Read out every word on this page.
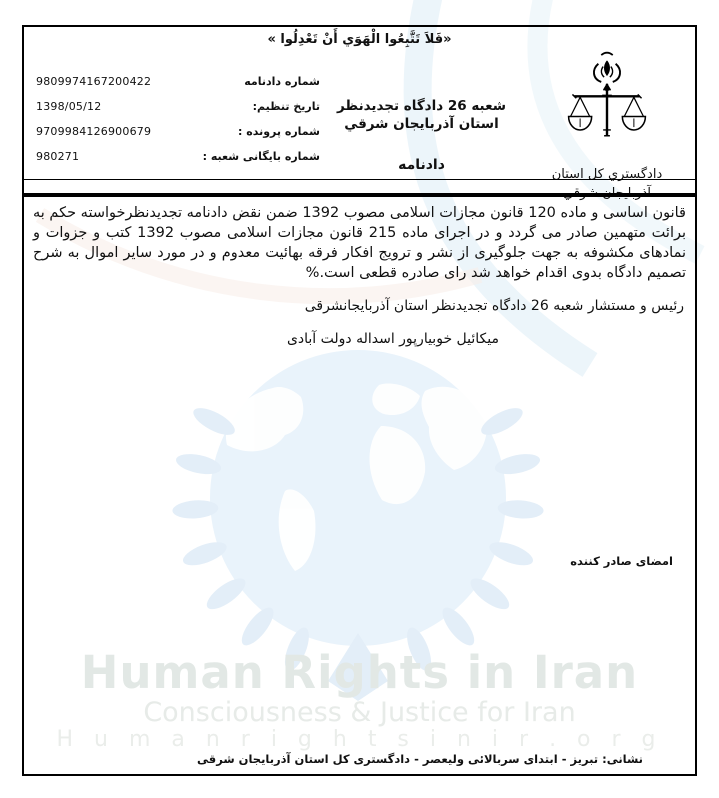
Human Rights in Iran
Consciousness & Justice for Iran
H u m a n r i g h t s i n i r . o r g
«فَلاَ تَتَّبِعُوا الْهَوَي أَنْ تَعْدِلُوا »
دادگستري کل استان
آذربایجان شرقي
شعبه 26 دادگاه تجدیدنظر استان آذربایجان شرقي
دادنامه
شماره دادنامه
9809974167200422
تاریخ تنظیم:
1398/05/12
شماره پرونده :
9709984126900679
شماره بایگانی شعبه :
980271
قانون اساسی و ماده 120 قانون مجازات اسلامی مصوب 1392 ضمن نقض دادنامه تجدیدنظرخواسته حکم به برائت متهمین صادر می گردد و در اجرای ماده 215 قانون مجازات اسلامی مصوب 1392 کتب و جزوات و نمادهای مکشوفه به جهت جلوگیری از نشر و ترویج افکار فرقه بهائیت معدوم و در مورد سایر اموال به شرح تصمیم دادگاه بدوی اقدام خواهد شد رای صادره قطعی است.%
رئیس و مستشار شعبه 26 دادگاه تجدیدنظر استان آذربایجانشرقی
میکائیل خوبیارپور اسداله دولت آبادی
امضای صادر کننده
نشانی: تبریز - ابتدای سربالائی ولیعصر - دادگستری کل استان آذربایجان شرقی
